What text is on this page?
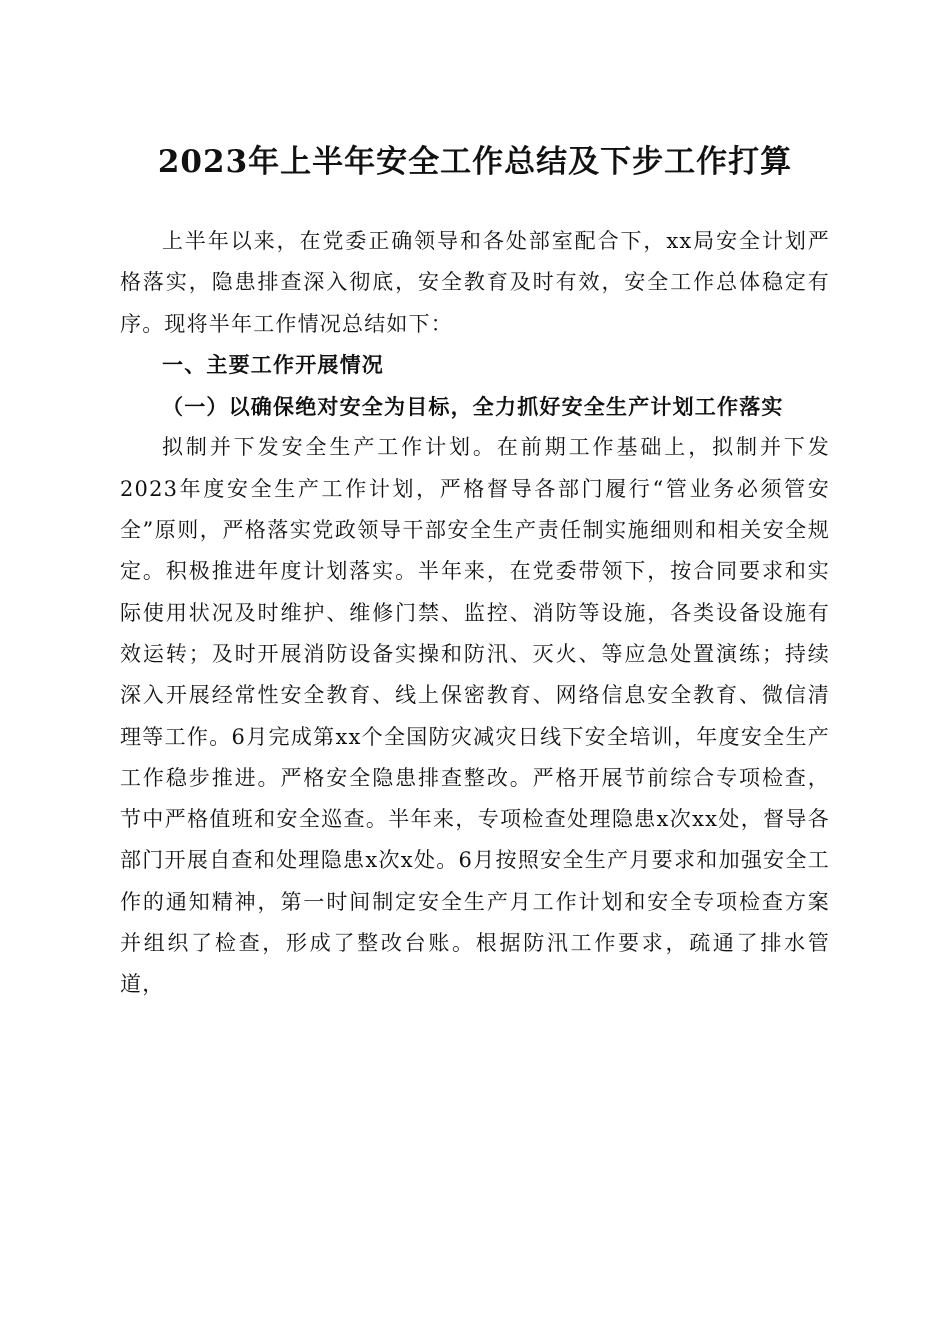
2023年上半年安全工作总结及下步工作打算

上半年以来，在党委正确领导和各处部室配合下，xx局安全计划严格落实，隐患排查深入彻底，安全教育及时有效，安全工作总体稳定有序。现将半年工作情况总结如下：

一、主要工作开展情况

（一）以确保绝对安全为目标，全力抓好安全生产计划工作落实

拟制并下发安全生产工作计划。在前期工作基础上，拟制并下发2023年度安全生产工作计划，严格督导各部门履行“管业务必须管安全”原则，严格落实党政领导干部安全生产责任制实施细则和相关安全规定。积极推进年度计划落实。半年来，在党委带领下，按合同要求和实际使用状况及时维护、维修门禁、监控、消防等设施，各类设备设施有效运转；及时开展消防设备实操和防汛、灭火、等应急处置演练；持续深入开展经常性安全教育、线上保密教育、网络信息安全教育、微信清理等工作。6月完成第xx个全国防灾减灾日线下安全培训，年度安全生产工作稳步推进。严格安全隐患排查整改。严格开展节前综合专项检查，节中严格值班和安全巡查。半年来，专项检查处理隐患x次xx处，督导各部门开展自查和处理隐患x次x处。6月按照安全生产月要求和加强安全工作的通知精神，第一时间制定安全生产月工作计划和安全专项检查方案并组织了检查，形成了整改台账。根据防汛工作要求，疏通了排水管道，
